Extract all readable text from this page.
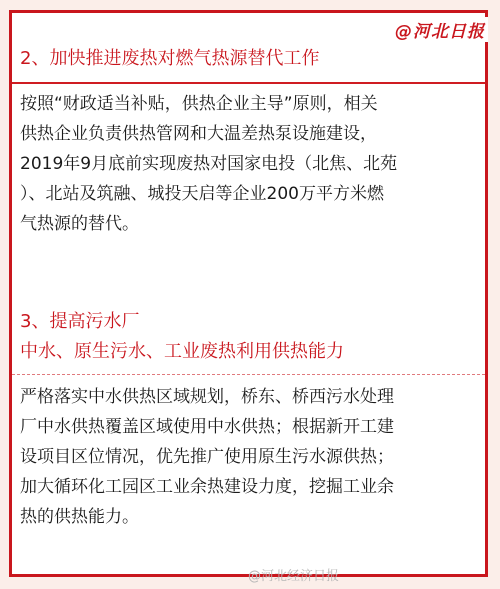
@河北日报
2、加快推进废热对燃气热源替代工作
按照“财政适当补贴，供热企业主导”原则，相关
供热企业负责供热管网和大温差热泵设施建设，
2019年9月底前实现废热对国家电投（北焦、北苑
）、北站及筑融、城投天启等企业200万平方米燃
气热源的替代。
3、提高污水厂
中水、原生污水、工业废热利用供热能力
严格落实中水供热区域规划，桥东、桥西污水处理
厂中水供热覆盖区域使用中水供热；根据新开工建
设项目区位情况，优先推广使用原生污水源供热；
加大循环化工园区工业余热建设力度，挖掘工业余
热的供热能力。
@河北经济日报
